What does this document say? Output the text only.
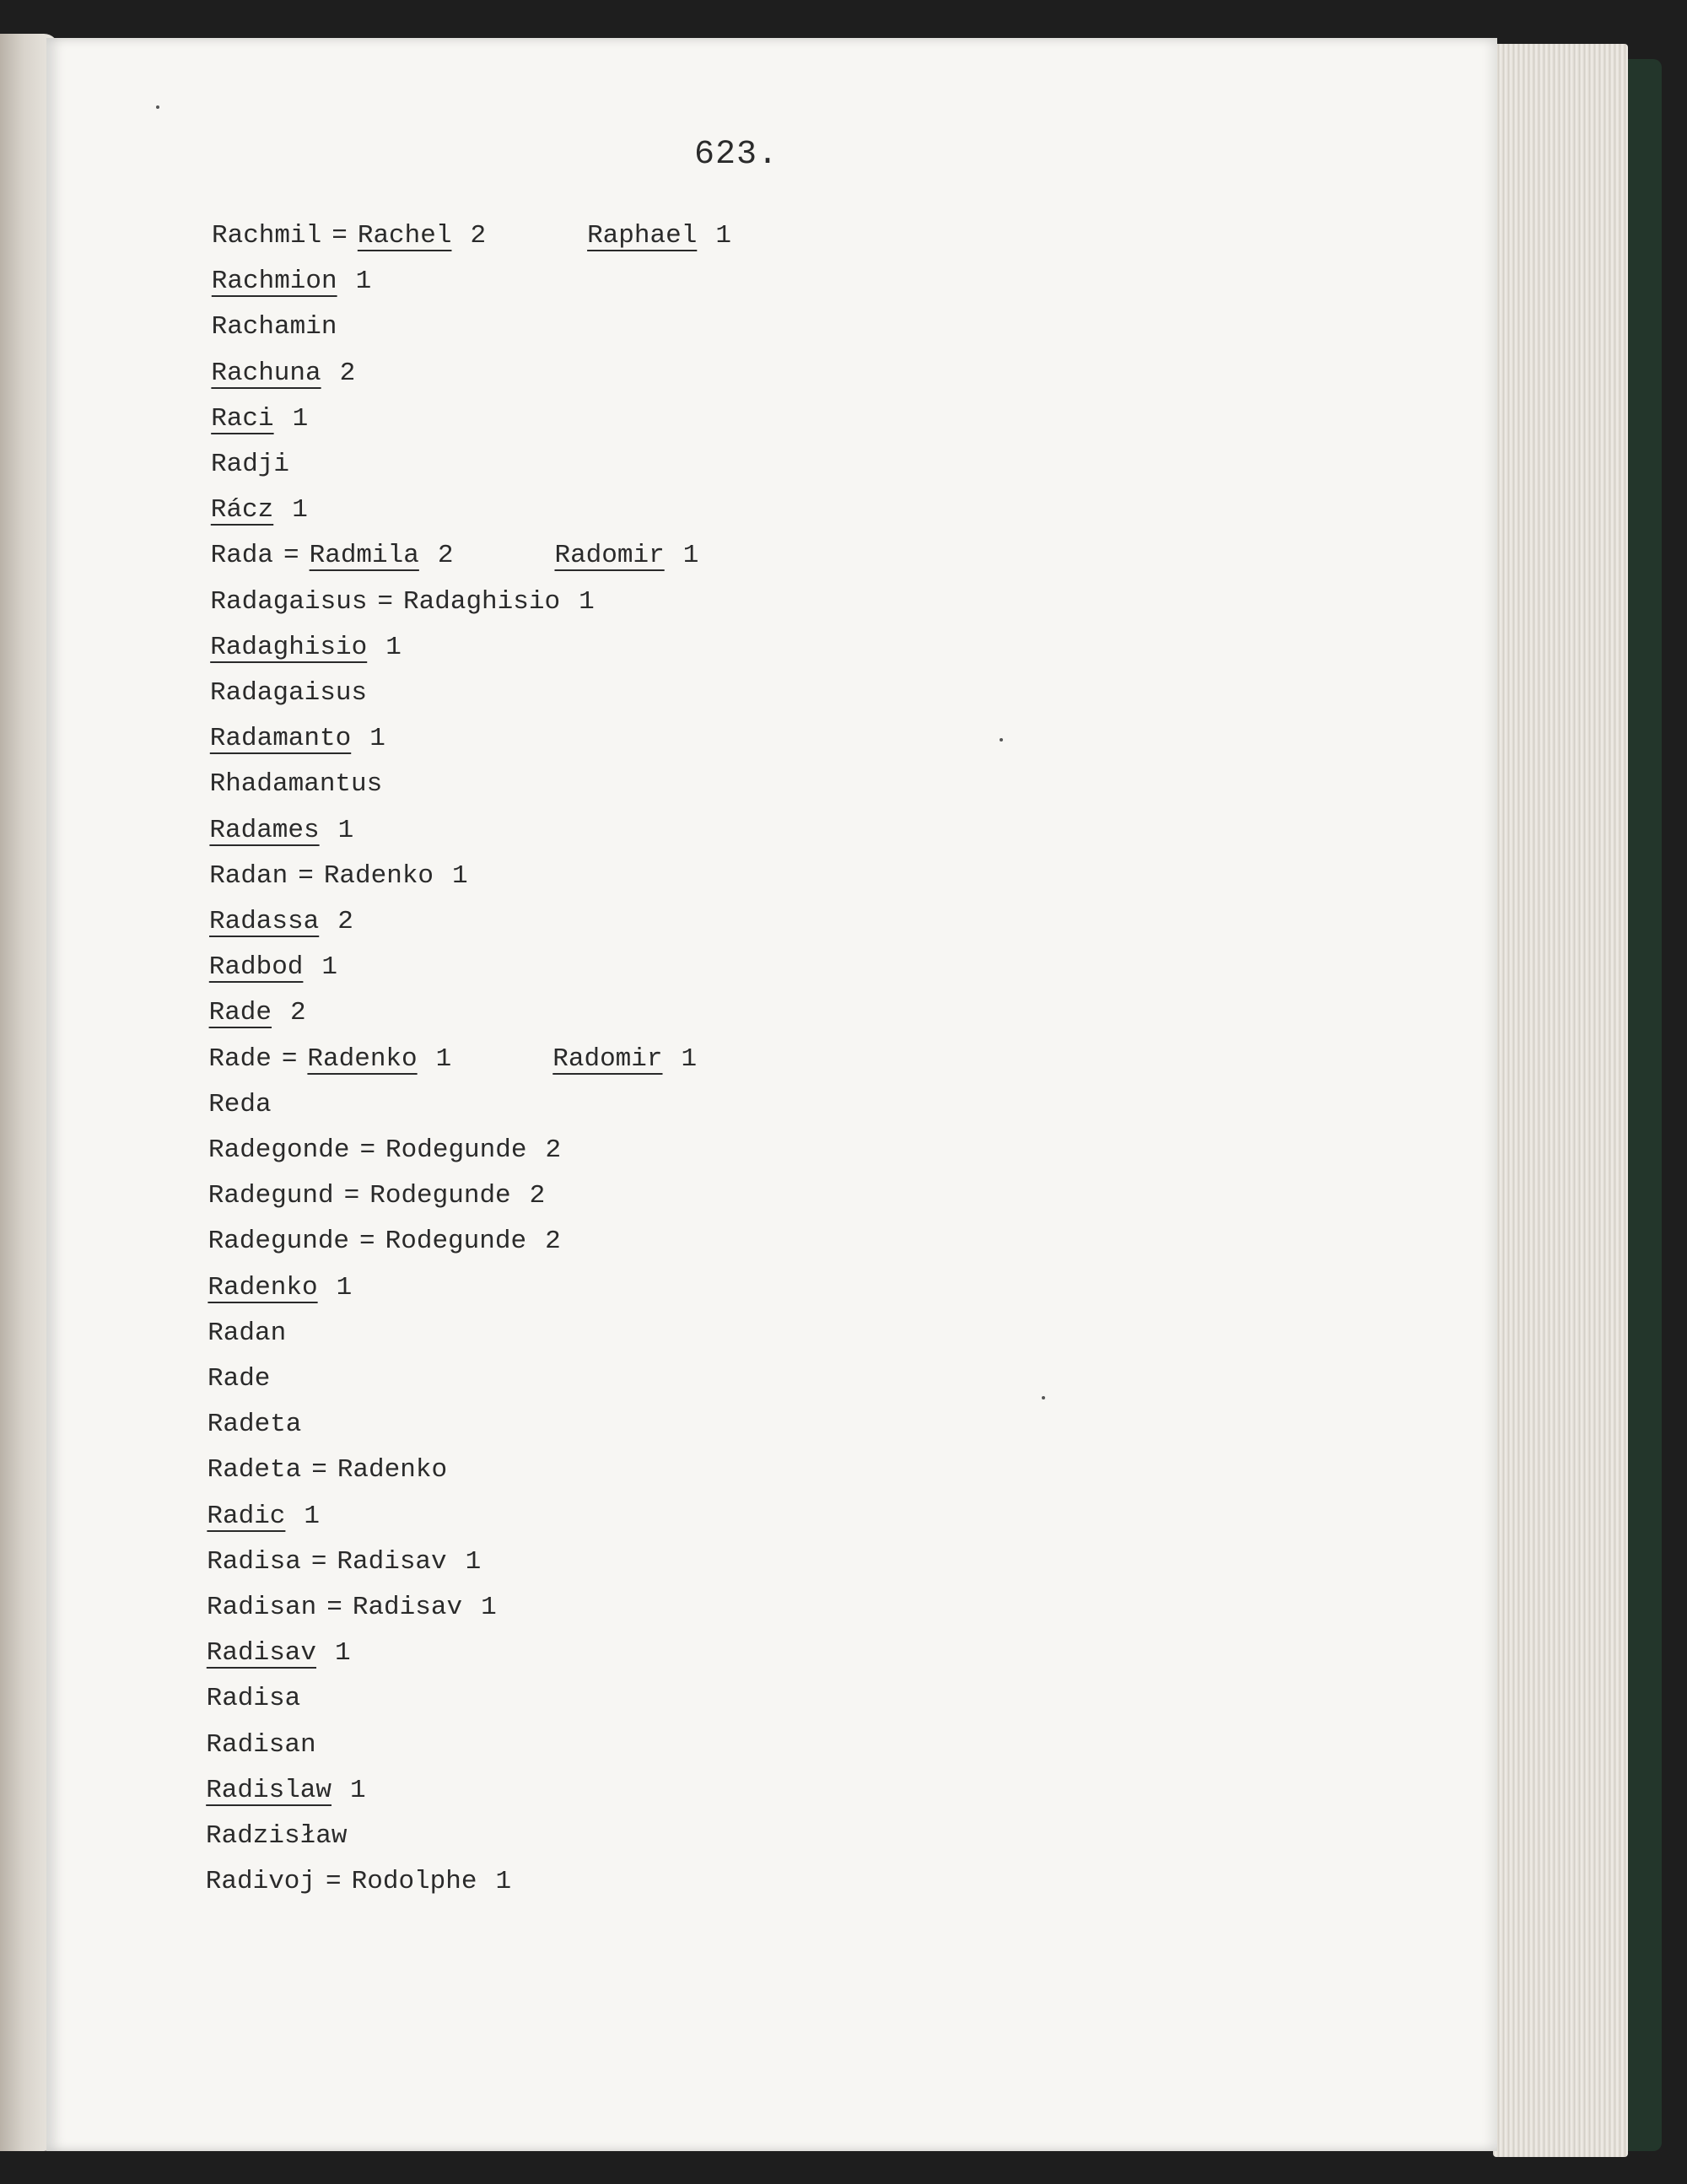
623.
Rachmil = Rachel 2	Raphael 1
Rachmion 1
Rachamin
Rachuna 2
Raci 1
Radji
Rácz 1
Rada = Radmila 2	Radomir 1
Radagaisus = Radaghisio 1
Radaghisio 1
Radagaisus
Radamanto 1
Rhadamantus
Radames 1
Radan = Radenko 1
Radassa 2
Radbod 1
Rade 2
Rade = Radenko 1	Radomir 1
Reda
Radegonde = Rodegunde 2
Radegund = Rodegunde 2
Radegunde = Rodegunde 2
Radenko 1
Radan
Rade
Radeta
Radeta = Radenko
Radic 1
Radisa = Radisav 1
Radisan = Radisav 1
Radisav 1
Radisa
Radisan
Radislaw 1
Radzisław
Radivoj = Rodolphe 1
